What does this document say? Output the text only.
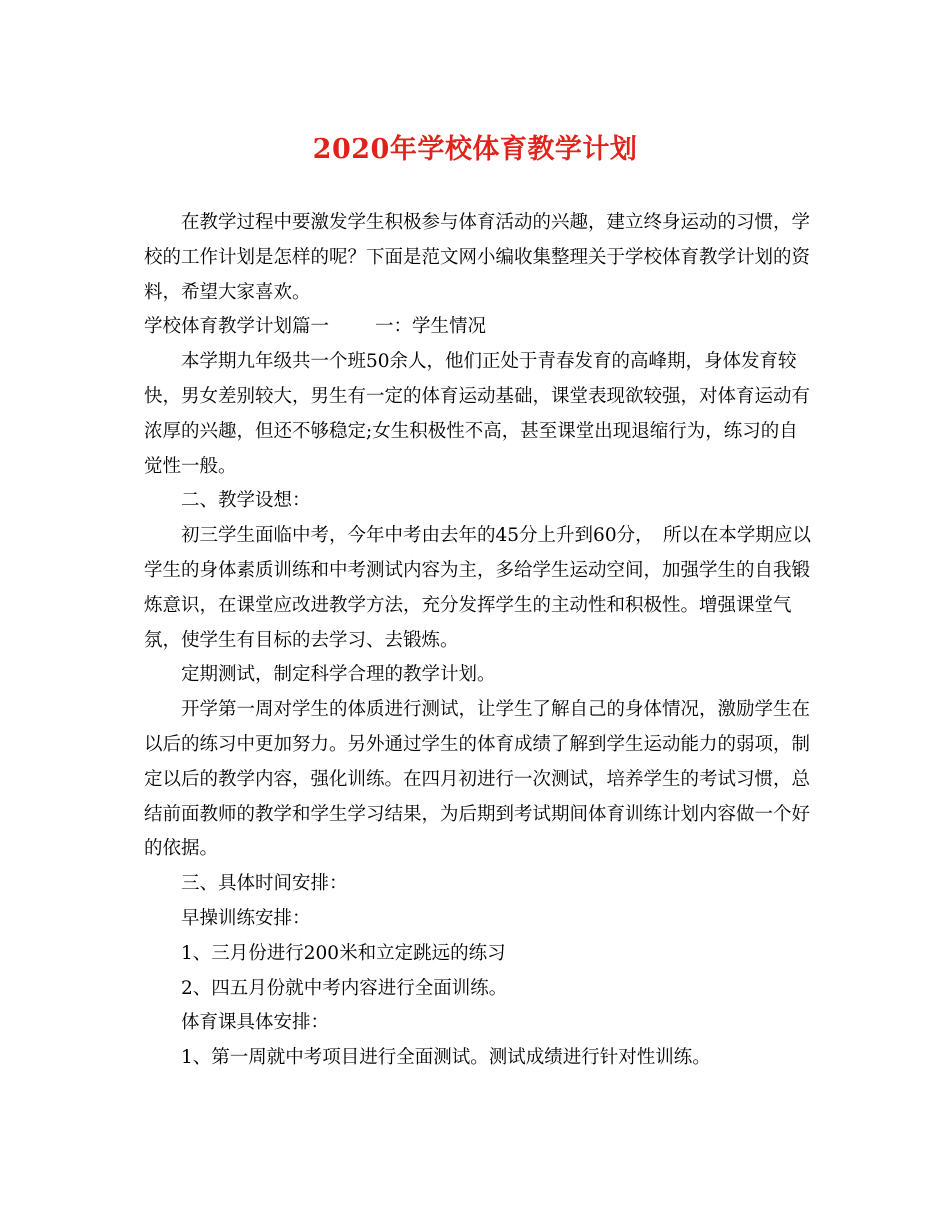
2020年学校体育教学计划

在教学过程中要激发学生积极参与体育活动的兴趣，建立终身运动的习惯，学校的工作计划是怎样的呢？下面是范文网小编收集整理关于学校体育教学计划的资料，希望大家喜欢。

学校体育教学计划篇一 一：学生情况

本学期九年级共一个班50余人，他们正处于青春发育的高峰期，身体发育较快，男女差别较大，男生有一定的体育运动基础，课堂表现欲较强，对体育运动有浓厚的兴趣，但还不够稳定;女生积极性不高，甚至课堂出现退缩行为，练习的自觉性一般。

二、教学设想：

初三学生面临中考，今年中考由去年的45分上升到60分，　所以在本学期应以学生的身体素质训练和中考测试内容为主，多给学生运动空间，加强学生的自我锻炼意识，在课堂应改进教学方法，充分发挥学生的主动性和积极性。增强课堂气氛，使学生有目标的去学习、去锻炼。

定期测试，制定科学合理的教学计划。

开学第一周对学生的体质进行测试，让学生了解自己的身体情况，激励学生在以后的练习中更加努力。另外通过学生的体育成绩了解到学生运动能力的弱项，制定以后的教学内容，强化训练。在四月初进行一次测试，培养学生的考试习惯，总结前面教师的教学和学生学习结果，为后期到考试期间体育训练计划内容做一个好的依据。

三、具体时间安排：

早操训练安排：

1、三月份进行200米和立定跳远的练习

2、四五月份就中考内容进行全面训练。

体育课具体安排：

1、第一周就中考项目进行全面测试。测试成绩进行针对性训练。
